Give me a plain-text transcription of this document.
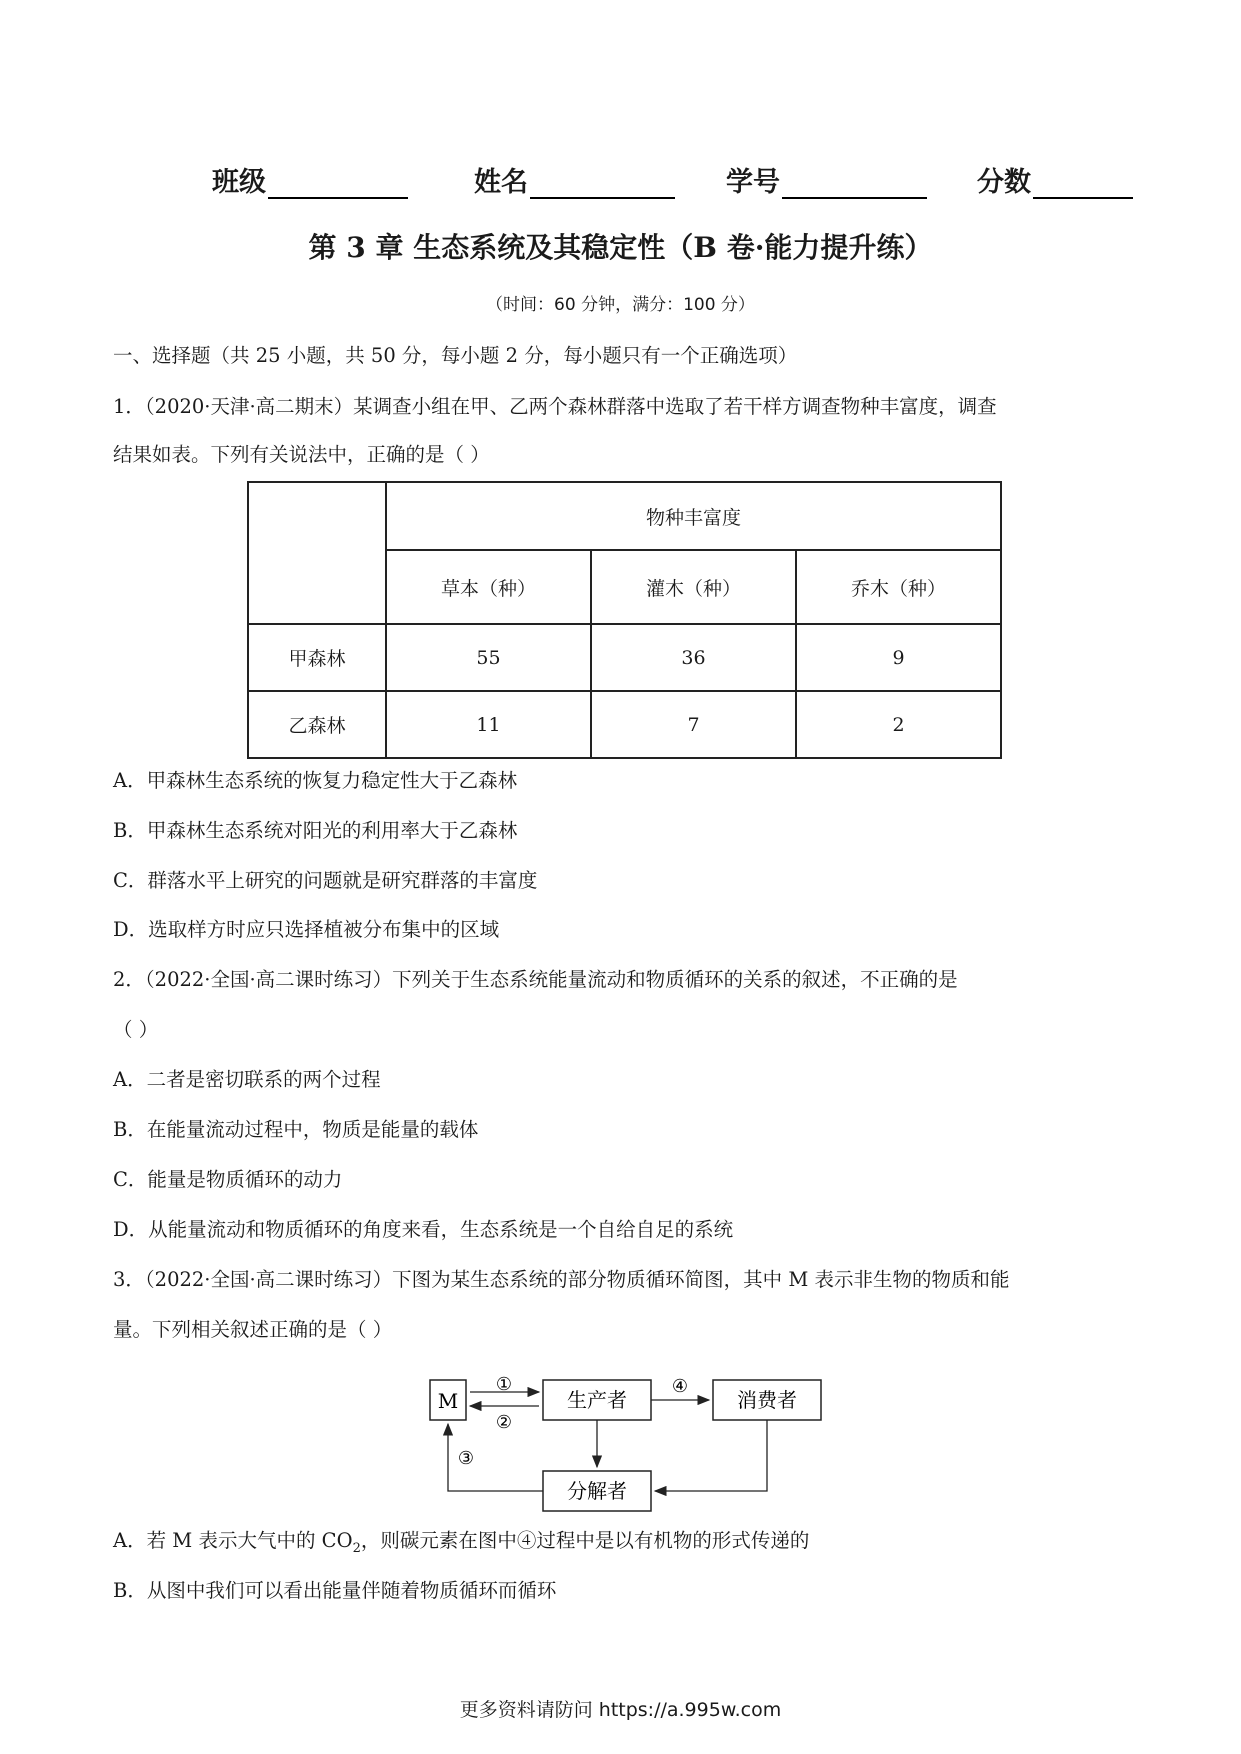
班级	姓名	学号	分数
第 3 章 生态系统及其稳定性（B 卷·能力提升练）
（时间：60 分钟，满分：100 分）
一、选择题（共 25 小题，共 50 分，每小题 2 分，每小题只有一个正确选项）
1．（2020·天津·高二期末）某调查小组在甲、乙两个森林群落中选取了若干样方调查物种丰富度，调查
结果如表。下列有关说法中，正确的是（ ）
	物种丰富度		
	草本（种）	灌木（种）	乔木（种）
甲森林	55	36	9
乙森林	11	7	2
A．甲森林生态系统的恢复力稳定性大于乙森林
B．甲森林生态系统对阳光的利用率大于乙森林
C．群落水平上研究的问题就是研究群落的丰富度
D．选取样方时应只选择植被分布集中的区域
2．（2022·全国·高二课时练习）下列关于生态系统能量流动和物质循环的关系的叙述，不正确的是
（ ）
A．二者是密切联系的两个过程
B．在能量流动过程中，物质是能量的载体
C．能量是物质循环的动力
D．从能量流动和物质循环的角度来看，生态系统是一个自给自足的系统
3．（2022·全国·高二课时练习）下图为某生态系统的部分物质循环简图，其中 M 表示非生物的物质和能
量。下列相关叙述正确的是（ ）
M	生产者	消费者
分解者
①
②
④
③
A．若 M 表示大气中的 $CO_2$，则碳元素在图中④过程中是以有机物的形式传递的
B．从图中我们可以看出能量伴随着物质循环而循环
更多资料请防问 https://a.995w.com
